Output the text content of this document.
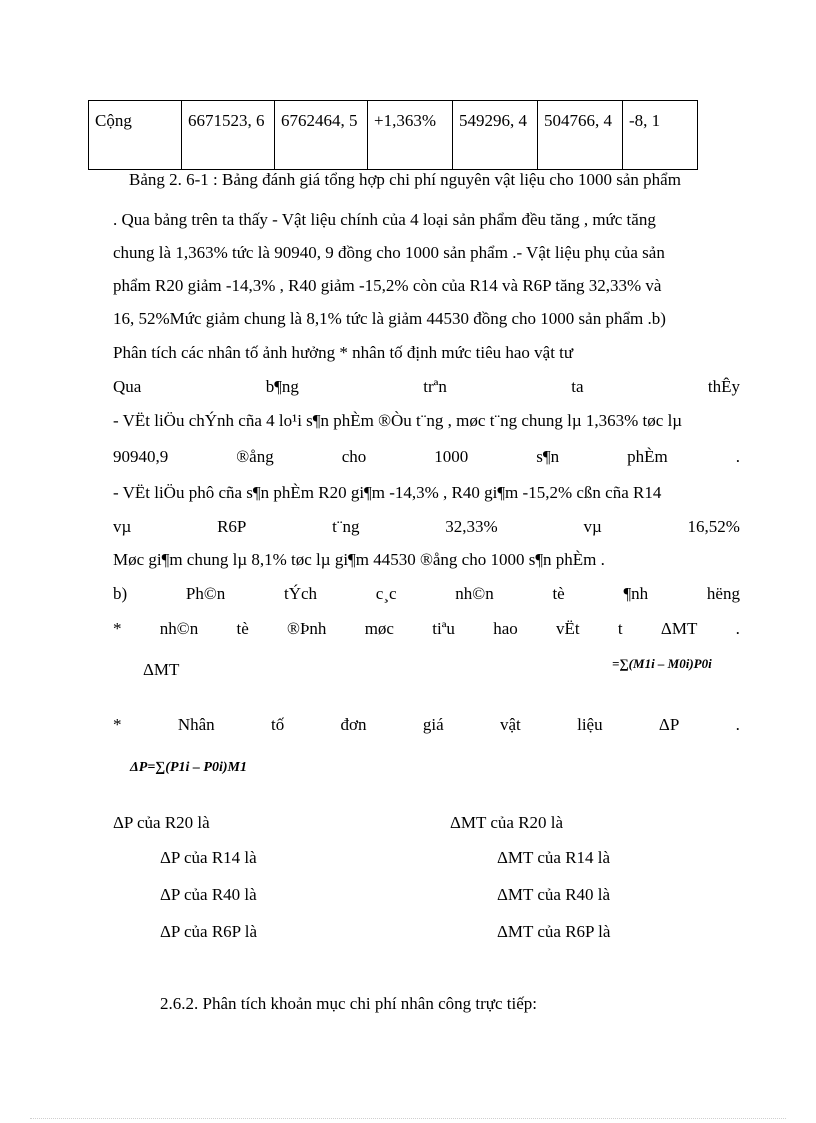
Cộng	6671523, 6	6762464, 5	+1,363%	549296, 4	504766, 4	-8, 1
Bảng 2. 6-1 : Bảng đánh giá tổng hợp chi phí nguyên vật liệu cho 1000 sản phẩm
. Qua bảng trên ta thấy - Vật liệu chính của 4 loại sản phẩm đều tăng , mức tăng
chung là 1,363% tức là 90940, 9 đồng cho 1000 sản phẩm .- Vật liệu phụ của sản
phẩm R20 giảm -14,3% , R40 giảm -15,2% còn của R14 và R6P tăng 32,33% và
16, 52%Mức giảm chung là 8,1% tức là giảm 44530 đồng cho 1000 sản phẩm .b)
Phân tích các nhân tố ảnh hưởng * nhân tố định mức tiêu hao vật tư
Qua	b¶ng	trªn	ta	thÊy
- VËt liÖu chÝnh cña 4 lo¹i s¶n phÈm ®Òu t¨ng , møc t¨ng chung lµ 1,363% tøc lµ
90940,9	®ång	cho	1000	s¶n	phÈm	.
- VËt liÖu phô cña s¶n phÈm R20 gi¶m -14,3% , R40 gi¶m -15,2% cßn cña R14
vµ	R6P	t¨ng	32,33%	vµ	16,52%
Møc gi¶m chung lµ 8,1% tøc lµ gi¶m 44530 ®ång cho 1000 s¶n phÈm .
b)	Ph©n	tÝch	c¸c	nh©n	tè	¶nh	hëng
* nh©n tè ®Þnh møc tiªu hao vËt t ΔMT .
ΔMT	=∑(M1i – M0i)P0i
*	Nhân	tố	đơn	giá	vật	liệu	ΔP	.
ΔP=∑(P1i – P0i)M1
ΔP của R20 là	ΔMT của R20 là
ΔP của R14 là	ΔMT của R14 là
ΔP của R40 là	ΔMT của R40 là
ΔP của R6P là	ΔMT của R6P là
2.6.2. Phân tích khoản mục chi phí nhân công trực tiếp:
